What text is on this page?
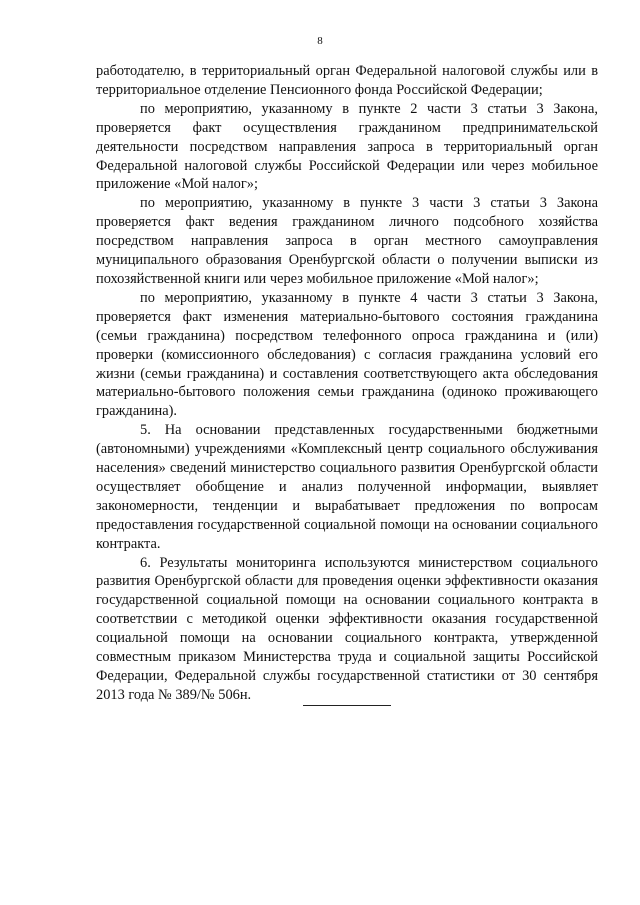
8

работодателю, в территориальный орган Федеральной налоговой службы или в территориальное отделение Пенсионного фонда Российской Федерации;

по мероприятию, указанному в пункте 2 части 3 статьи 3 Закона, проверяется факт осуществления гражданином предпринимательской деятельности посредством направления запроса в территориальный орган Федеральной налоговой службы Российской Федерации или через мобильное приложение «Мой налог»;

по мероприятию, указанному в пункте 3 части 3 статьи 3 Закона проверяется факт ведения гражданином личного подсобного хозяйства посредством направления запроса в орган местного самоуправления муниципального образования Оренбургской области о получении выписки из похозяйственной книги или через мобильное приложение «Мой налог»;

по мероприятию, указанному в пункте 4 части 3 статьи 3 Закона, проверяется факт изменения материально-бытового состояния гражданина (семьи гражданина) посредством телефонного опроса гражданина и (или) проверки (комиссионного обследования) с согласия гражданина условий его жизни (семьи гражданина) и составления соответствующего акта обследования материально-бытового положения семьи гражданина (одиноко проживающего гражданина).

5. На основании представленных государственными бюджетными (автономными) учреждениями «Комплексный центр социального обслуживания населения» сведений министерство социального развития Оренбургской области осуществляет обобщение и анализ полученной информации, выявляет закономерности, тенденции и вырабатывает предложения по вопросам предоставления государственной социальной помощи на основании социального контракта.

6. Результаты мониторинга используются министерством социального развития Оренбургской области для проведения оценки эффективности оказания государственной социальной помощи на основании социального контракта в соответствии с методикой оценки эффективности оказания государственной социальной помощи на основании социального контракта, утвержденной совместным приказом Министерства труда и социальной защиты Российской Федерации, Федеральной службы государственной статистики от 30 сентября 2013 года № 389/№ 506н.
